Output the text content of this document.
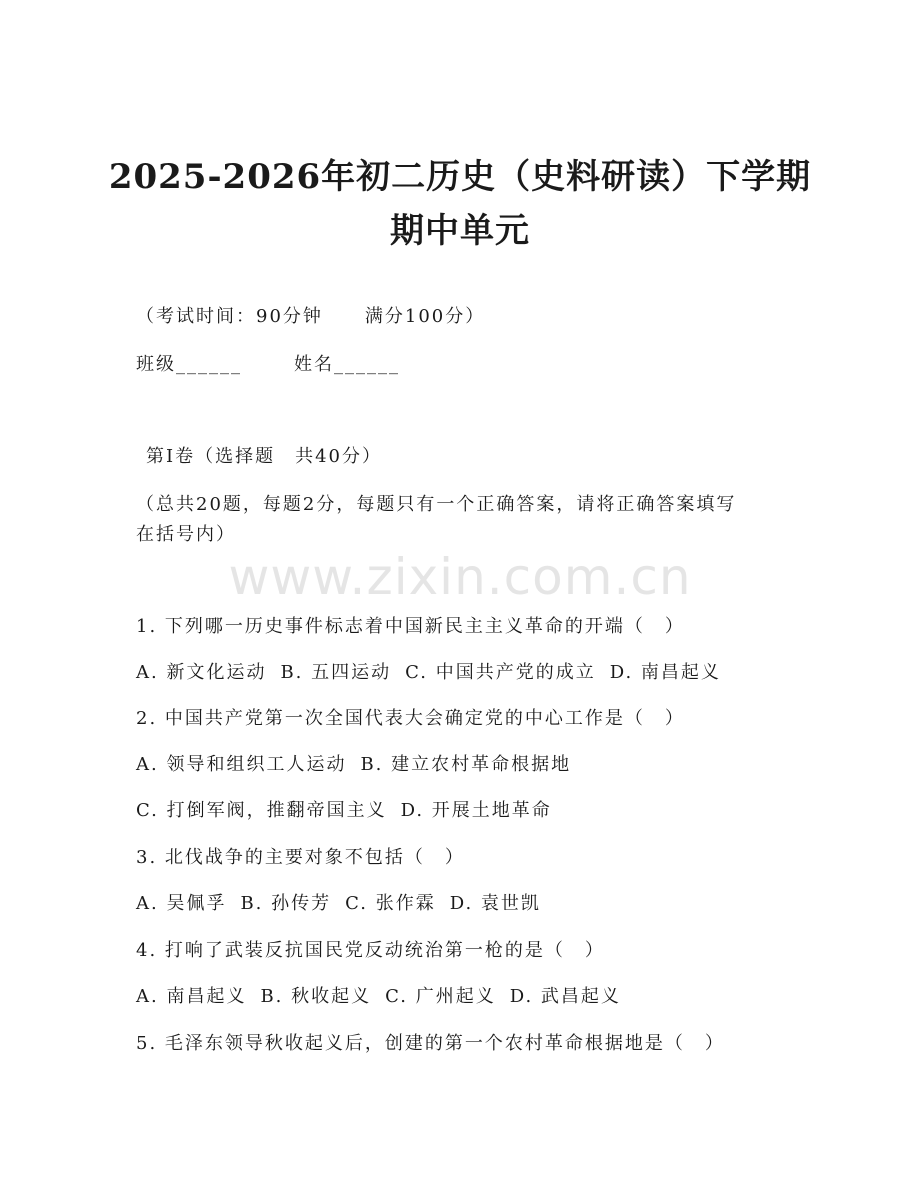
2025-2026年初二历史（史料研读）下学期
期中单元
（考试时间：90分钟 满分100分）
班级______	姓名______
第Ⅰ卷（选择题　共40分）
（总共20题，每题2分，每题只有一个正确答案，请将正确答案填写
在括号内）
www.zixin.com.cn
1. 下列哪一历史事件标志着中国新民主主义革命的开端（　）
A. 新文化运动 B. 五四运动 C. 中国共产党的成立 D. 南昌起义
2. 中国共产党第一次全国代表大会确定党的中心工作是（　）
A. 领导和组织工人运动 B. 建立农村革命根据地
C. 打倒军阀，推翻帝国主义 D. 开展土地革命
3. 北伐战争的主要对象不包括（　）
A. 吴佩孚 B. 孙传芳 C. 张作霖 D. 袁世凯
4. 打响了武装反抗国民党反动统治第一枪的是（　）
A. 南昌起义 B. 秋收起义 C. 广州起义 D. 武昌起义
5. 毛泽东领导秋收起义后，创建的第一个农村革命根据地是（　）
